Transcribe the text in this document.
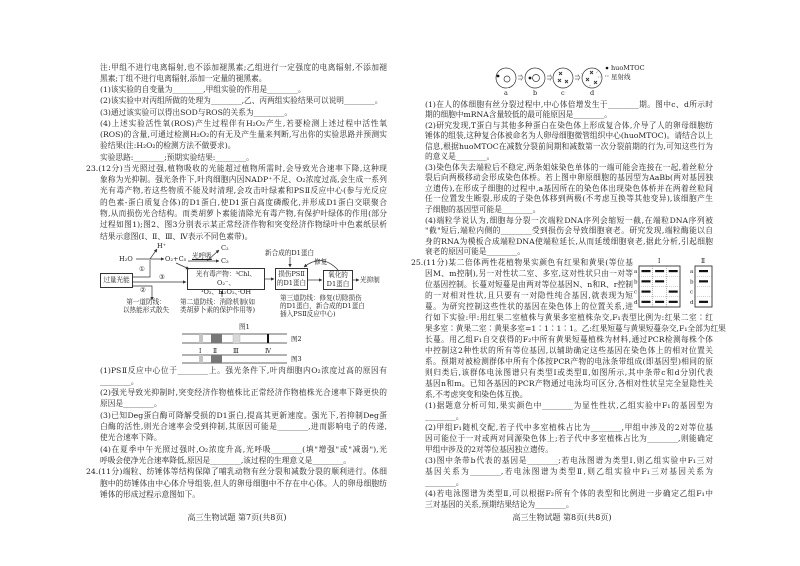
Ⅰ Ⅱ	Ⅲ	Ⅳ
图2
图3
a	b	c	d
huoMTOC
星射线
a	a
b	b
c	c
d	d
Ⅰ	Ⅱ
H₂O
H⁺
O₂+C₅ 光呼吸
C₂
C₃
①
②
③
过量光能
光有毒产物：³Chl、O₂⁻、
¹O₂、H₂O₂、·OH
新合成的D1蛋白
损伤PSⅡ
的D1蛋白
修复
氧化的
D1蛋白	光抑制
第一道防线：
以热能形式散失
第二道防线：消除机制(如
类胡萝卜素的保护作用等)
第三道防线：修复(切除损伤
的D1蛋白，新合成的D1蛋白
插入PSⅡ反应中心)
图1
注:甲组不进行电离辐射,也不添加褪黑素;乙组进行一定强度的电离辐射,不添加褪
黑素;丁组不进行电离辐射,添加一定量的褪黑素。
(1)该实验的自变量为________,甲组实验的作用是________。
(2)该实验中对丙组所做的处理为________,乙、丙两组实验结果可以说明________。
(3)通过该实验可以得出SOD与ROS的关系为________。
(4)上述实验活性氧(ROS)产生过程伴有H₂O₂产生,若要检测上述过程中活性氧
(ROS)的含量,可通过检测H₂O₂的有无及产生量来判断,写出你的实验思路并预测实
验结果(注:H₂O₂的检测方法不做要求)。
实验思路:________;预期实验结果:________。
23.(12分)当光照过强,植物吸收的光能超过植物所需时,会导致光合速率下降,这种现
象称为光抑制。强光条件下,叶肉细胞内因NADP⁺不足、O₂浓度过高,会生成一系列
光有毒产物,若这些物质不能及时清理,会攻击叶绿素和PSⅡ反应中心(参与光反应
的色素-蛋白质复合体)的D1蛋白,使D1蛋白高度磷酸化,并形成D1蛋白交联聚合
物,从而损伤光合结构。而类胡萝卜素能清除光有毒产物,有保护叶绿体的作用(部分
过程如图1);图2、图3分别表示某正常经济作物和突变经济作物绿叶中色素纸层析
结果示意图(Ⅰ、Ⅱ、Ⅲ、Ⅳ表示不同色素带)。
(1)PSⅡ反应中心位于________上。强光条件下,叶肉细胞内O₂浓度过高的原因有
________。
(2)强光导致光抑制时,突变经济作物植株比正常经济作物植株光合速率下降更快的
原因是________。
(3)已知Deg蛋白酶可降解受损的D1蛋白,提高其更新速度。强光下,若抑制Deg蛋
白酶的活性,则光合速率会受到抑制,其原因可能是________,进而影响电子的传递,
使光合速率下降。
(4)在夏季中午光照过强时,O₂浓度升高,光呼吸________(填"增强"或"减弱"),光
呼吸会使净光合速率降低,原因是________,该过程的生理意义是________。
24.(11分)端粒、纺锤体等结构保障了哺乳动物有丝分裂和减数分裂的顺利进行。体细
胞中的纺锤体由中心体介导组装,但人的卵母细胞中不存在中心体。人的卵母细胞纺
锤体的形成过程示意图如下。
(1)在人的体细胞有丝分裂过程中,中心体倍增发生于________期。图中c、d所示时
期的细胞中mRNA含量较低的最可能原因是________。
(2)研究发现,T蛋白与其他多种蛋白在染色体上形成复合体,介导了人的卵母细胞纺
锤体的组装,这种复合体被命名为人卵母细胞微管组织中心(huoMTOC)。请结合以上
信息,根据huoMTOC在减数分裂前间期和减数第一次分裂前期的行为,可知这些行为
的意义是________。
(3)染色体失去端粒后不稳定,两条姐妹染色单体的一端可能会连接在一起,着丝粒分
裂后向两极移动会形成染色体桥。若上图中卵原细胞的基因型为AaBb(两对基因独
立遗传),在形成子细胞的过程中,a基因所在的染色体出现染色体桥并在两着丝粒间
任一位置发生断裂,形成的子染色体移到两极(不考虑互换等其他变异),该细胞产生
子细胞的基因型可能是________。
(4)端粒学说认为,细胞每分裂一次端粒DNA序列会缩短一截,在端粒DNA序列被
"截"短后,端粒内侧的________受到损伤会导致细胞衰老。研究发现,端粒酶能以自
身的RNA为模板合成端粒DNA使端粒延长,从而延缓细胞衰老,据此分析,引起细胞
衰老的原因可能是________。
25.(11分)某二倍体两性花植物果实颜色有红果和黄果(等位基
因M、m控制),另一对性状二室、多室,这对性状只由一对等
位基因控制。长蔓对短蔓是由两对等位基因N、n和R、r控制
的一对相对性状,且只要有一对隐性纯合基因,就表现为短
蔓。为研究控制这些性状的基因在染色体上的位置关系,进
行如下实验:甲:用红果二室植株与黄果多室植株杂交,F₁表型比例为:红果二室∶红
果多室∶黄果二室∶黄果多室=1∶1∶1∶1。乙:红果短蔓与黄果短蔓杂交,F₁全部为红果
长蔓。用乙组F₁自交获得的F₂中所有黄果短蔓植株为材料,通过PCR检测每株个体
中控制这2种性状的所有等位基因,以辅助确定这些基因在染色体上的相对位置关
系。预期对被检测群体中所有个体按PCR产物的电泳条带组成(即基因型)相同的原
则归类后,该群体电泳图谱只有类型Ⅰ或类型Ⅱ,如图所示,其中条带c和d分别代表
基因n和m。已知各基因的PCR产物通过电泳均可区分,各相对性状呈完全显隐性关
系,不考虑突变和染色体互换。
(1)据题意分析可知,果实颜色中________为显性性状,乙组实验中F₁的基因型为
________。
(2)甲组F₁随机交配,若子代中多室植株占比为________,甲组中涉及的2对等位基
因可能位于一对或两对同源染色体上;若子代中多室植株占比为________,则能确定
甲组中涉及的2对等位基因独立遗传。
(3)图中条带b代表的基因是________;若电泳图谱为类型Ⅰ,则乙组实验中F₁三对
基因关系为________,若电泳图谱为类型Ⅱ,则乙组实验中F₁三对基因关系为
________。
(4)若电泳图谱为类型Ⅱ,可以根据F₂所有个体的表型和比例进一步确定乙组F₁中
三对基因的关系,预期结果结论为________。
高三生物试题 第7页(共8页)	高三生物试题 第8页(共8页)
